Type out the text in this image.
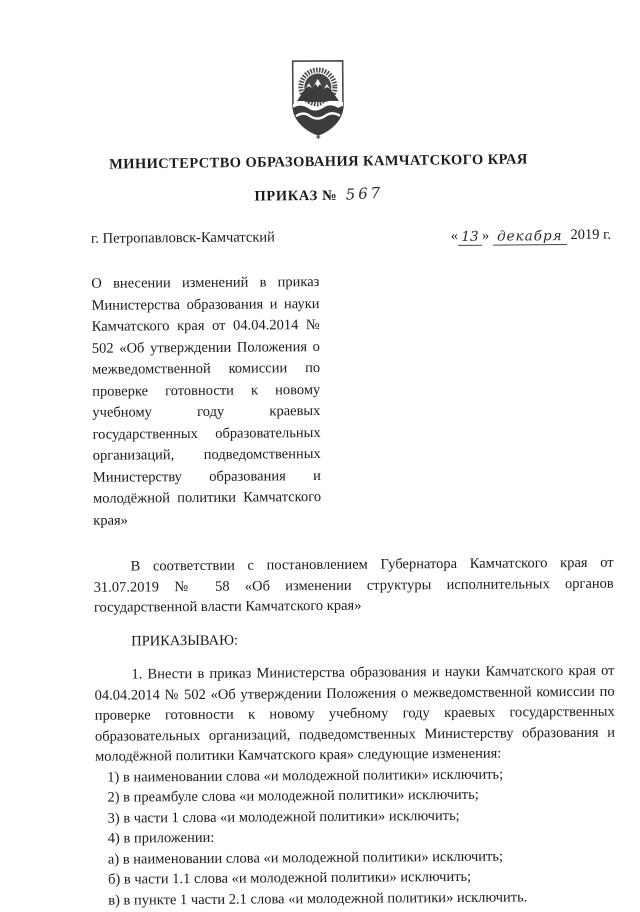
МИНИСТЕРСТВО ОБРАЗОВАНИЯ КАМЧАТСКОГО КРАЯ
ПРИКАЗ № 567
г. Петропавловск-Камчатский	« 13 » декабря 2019 г.
О внесении изменений в приказ Министерства образования и науки Камчатского края от 04.04.2014 № 502 «Об утверждении Положения о межведомственной комиссии по проверке готовности к новому учебному году краевых государственных образовательных организаций, подведомственных Министерству образования и молодёжной политики Камчатского края»
В соответствии с постановлением Губернатора Камчатского края от 31.07.2019 № 58 «Об изменении структуры исполнительных органов государственной власти Камчатского края»
ПРИКАЗЫВАЮ:
1. Внести в приказ Министерства образования и науки Камчатского края от 04.04.2014 № 502 «Об утверждении Положения о межведомственной комиссии по проверке готовности к новому учебному году краевых государственных образовательных организаций, подведомственных Министерству образования и молодёжной политики Камчатского края» следующие изменения:
1) в наименовании слова «и молодежной политики» исключить;
2) в преамбуле слова «и молодежной политики» исключить;
3) в части 1 слова «и молодежной политики» исключить;
4) в приложении:
а) в наименовании слова «и молодежной политики» исключить;
б) в части 1.1 слова «и молодежной политики» исключить;
в) в пункте 1 части 2.1 слова «и молодежной политики» исключить.
